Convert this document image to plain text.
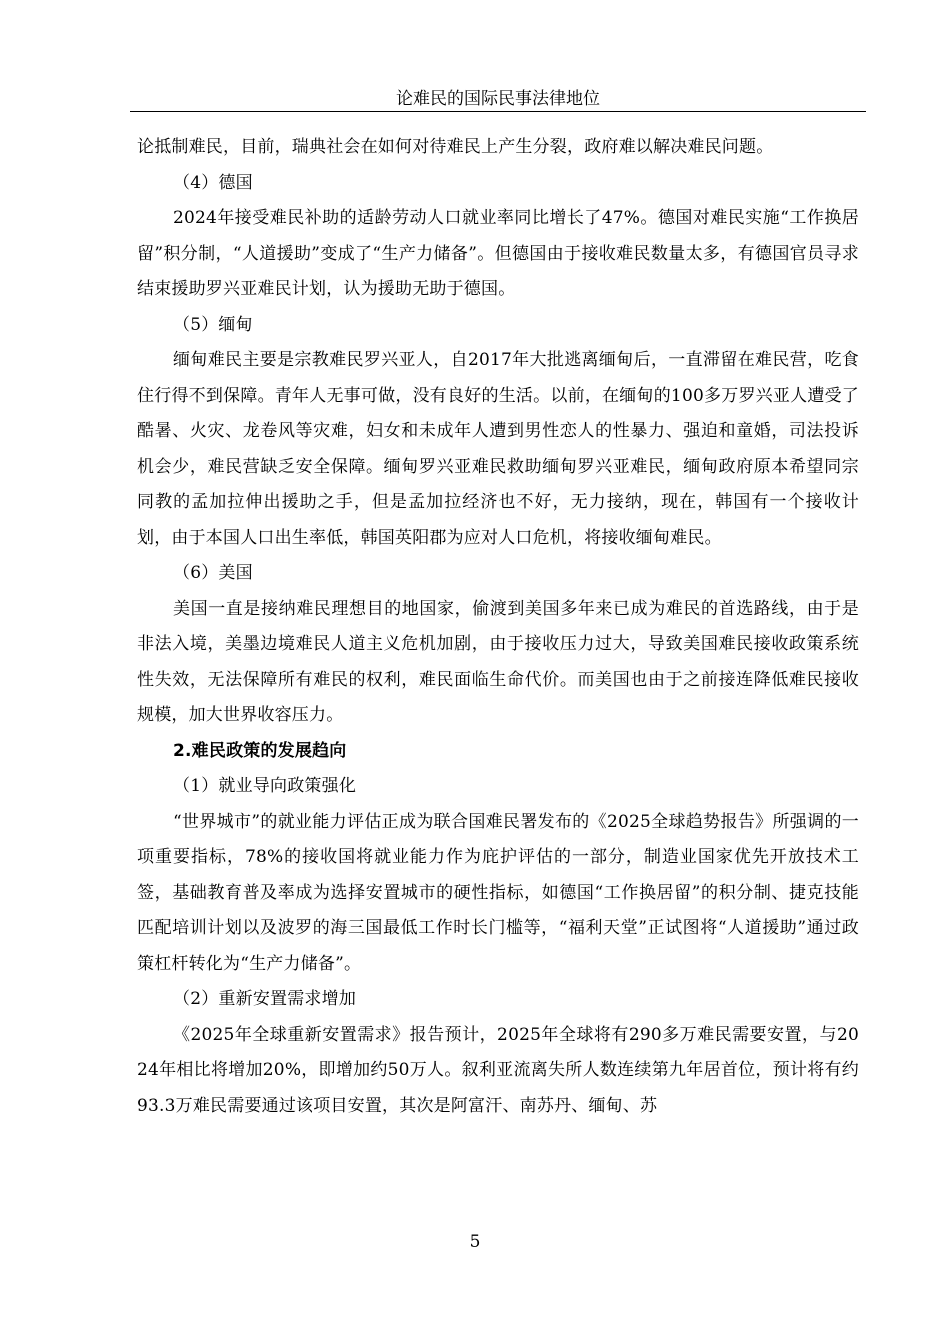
论难民的国际民事法律地位

论抵制难民，目前，瑞典社会在如何对待难民上产生分裂，政府难以解决难民问题。

（4）德国

2024年接受难民补助的适龄劳动人口就业率同比增长了47%。德国对难民实施“工作换居留”积分制，“人道援助”变成了“生产力储备”。但德国由于接收难民数量太多，有德国官员寻求结束援助罗兴亚难民计划，认为援助无助于德国。

（5）缅甸

缅甸难民主要是宗教难民罗兴亚人，自2017年大批逃离缅甸后，一直滞留在难民营，吃食住行得不到保障。青年人无事可做，没有良好的生活。以前，在缅甸的100多万罗兴亚人遭受了酷暑、火灾、龙卷风等灾难，妇女和未成年人遭到男性恋人的性暴力、强迫和童婚，司法投诉机会少，难民营缺乏安全保障。缅甸罗兴亚难民救助缅甸罗兴亚难民，缅甸政府原本希望同宗同教的孟加拉伸出援助之手，但是孟加拉经济也不好，无力接纳，现在，韩国有一个接收计划，由于本国人口出生率低，韩国英阳郡为应对人口危机，将接收缅甸难民。

（6）美国

美国一直是接纳难民理想目的地国家，偷渡到美国多年来已成为难民的首选路线，由于是非法入境，美墨边境难民人道主义危机加剧，由于接收压力过大，导致美国难民接收政策系统性失效，无法保障所有难民的权利，难民面临生命代价。而美国也由于之前接连降低难民接收规模，加大世界收容压力。

2.难民政策的发展趋向

（1）就业导向政策强化

“世界城市”的就业能力评估正成为联合国难民署发布的《2025全球趋势报告》所强调的一项重要指标，78%的接收国将就业能力作为庇护评估的一部分，制造业国家优先开放技术工签，基础教育普及率成为选择安置城市的硬性指标，如德国“工作换居留”的积分制、捷克技能匹配培训计划以及波罗的海三国最低工作时长门槛等，“福利天堂”正试图将“人道援助”通过政策杠杆转化为“生产力储备”。

（2）重新安置需求增加

《2025年全球重新安置需求》报告预计，2025年全球将有290多万难民需要安置，与2024年相比将增加20%，即增加约50万人。叙利亚流离失所人数连续第九年居首位，预计将有约93.3万难民需要通过该项目安置，其次是阿富汗、南苏丹、缅甸、苏

5
